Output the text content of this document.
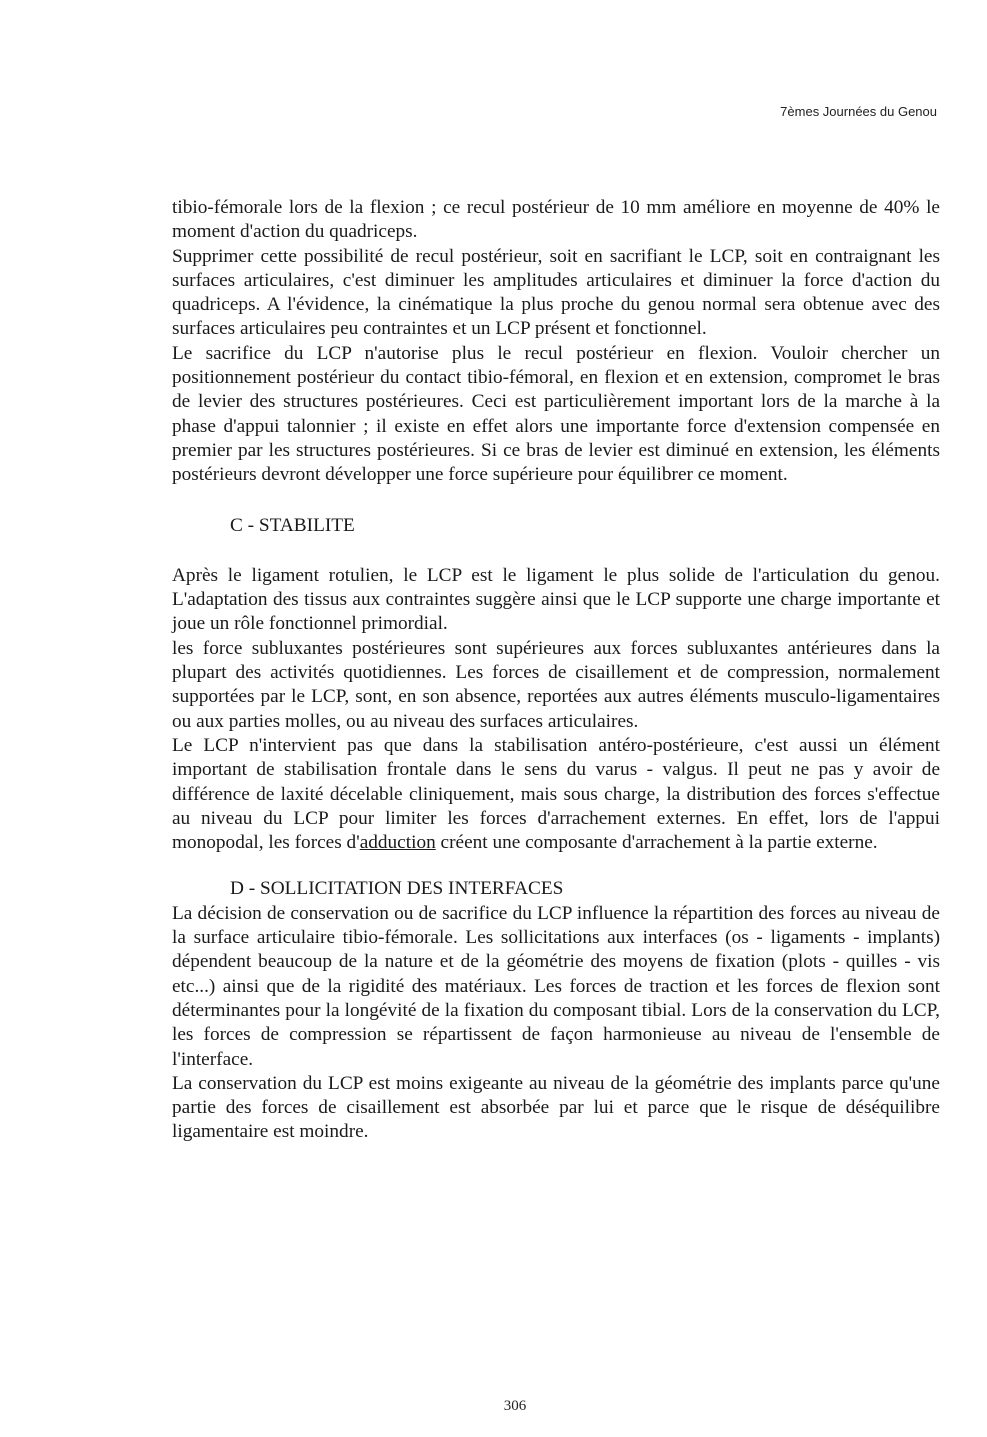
7èmes Journées du Genou

tibio-fémorale lors de la flexion ; ce recul postérieur de 10 mm améliore en moyenne de 40% le moment d'action du quadriceps.

Supprimer cette possibilité de recul postérieur, soit en sacrifiant le LCP, soit en contraignant les surfaces articulaires, c'est diminuer les amplitudes articulaires et diminuer la force d'action du quadriceps. A l'évidence, la cinématique la plus proche du genou normal sera obtenue avec des surfaces articulaires peu contraintes et un LCP présent et fonctionnel.

Le sacrifice du LCP n'autorise plus le recul postérieur en flexion. Vouloir chercher un positionnement postérieur du contact tibio-fémoral, en flexion et en extension, compromet le bras de levier des structures postérieures. Ceci est particulièrement important lors de la marche à la phase d'appui talonnier ; il existe en effet alors une importante force d'extension compensée en premier par les structures postérieures. Si ce bras de levier est diminué en extension, les éléments postérieurs devront développer une force supérieure pour équilibrer ce moment.

C - STABILITE

Après le ligament rotulien, le LCP est le ligament le plus solide de l'articulation du genou. L'adaptation des tissus aux contraintes suggère ainsi que le LCP supporte une charge importante et joue un rôle fonctionnel primordial.

les force subluxantes postérieures sont supérieures aux forces subluxantes antérieures dans la plupart des activités quotidiennes. Les forces de cisaillement et de compression, normalement supportées par le LCP, sont, en son absence, reportées aux autres éléments musculo-ligamentaires ou aux parties molles, ou au niveau des surfaces articulaires.

Le LCP n'intervient pas que dans la stabilisation antéro-postérieure, c'est aussi un élément important de stabilisation frontale dans le sens du varus - valgus. Il peut ne pas y avoir de différence de laxité décelable cliniquement, mais sous charge, la distribution des forces s'effectue au niveau du LCP pour limiter les forces d'arrachement externes. En effet, lors de l'appui monopodal, les forces d'adduction créent une composante d'arrachement à la partie externe.

D - SOLLICITATION DES INTERFACES

La décision de conservation ou de sacrifice du LCP influence la répartition des forces au niveau de la surface articulaire tibio-fémorale. Les sollicitations aux interfaces (os - ligaments - implants) dépendent beaucoup de la nature et de la géométrie des moyens de fixation (plots - quilles - vis etc...) ainsi que de la rigidité des matériaux. Les forces de traction et les forces de flexion sont déterminantes pour la longévité de la fixation du composant tibial. Lors de la conservation du LCP, les forces de compression se répartissent de façon harmonieuse au niveau de l'ensemble de l'interface.

La conservation du LCP est moins exigeante au niveau de la géométrie des implants parce qu'une partie des forces de cisaillement est absorbée par lui et parce que le risque de déséquilibre ligamentaire est moindre.

306
